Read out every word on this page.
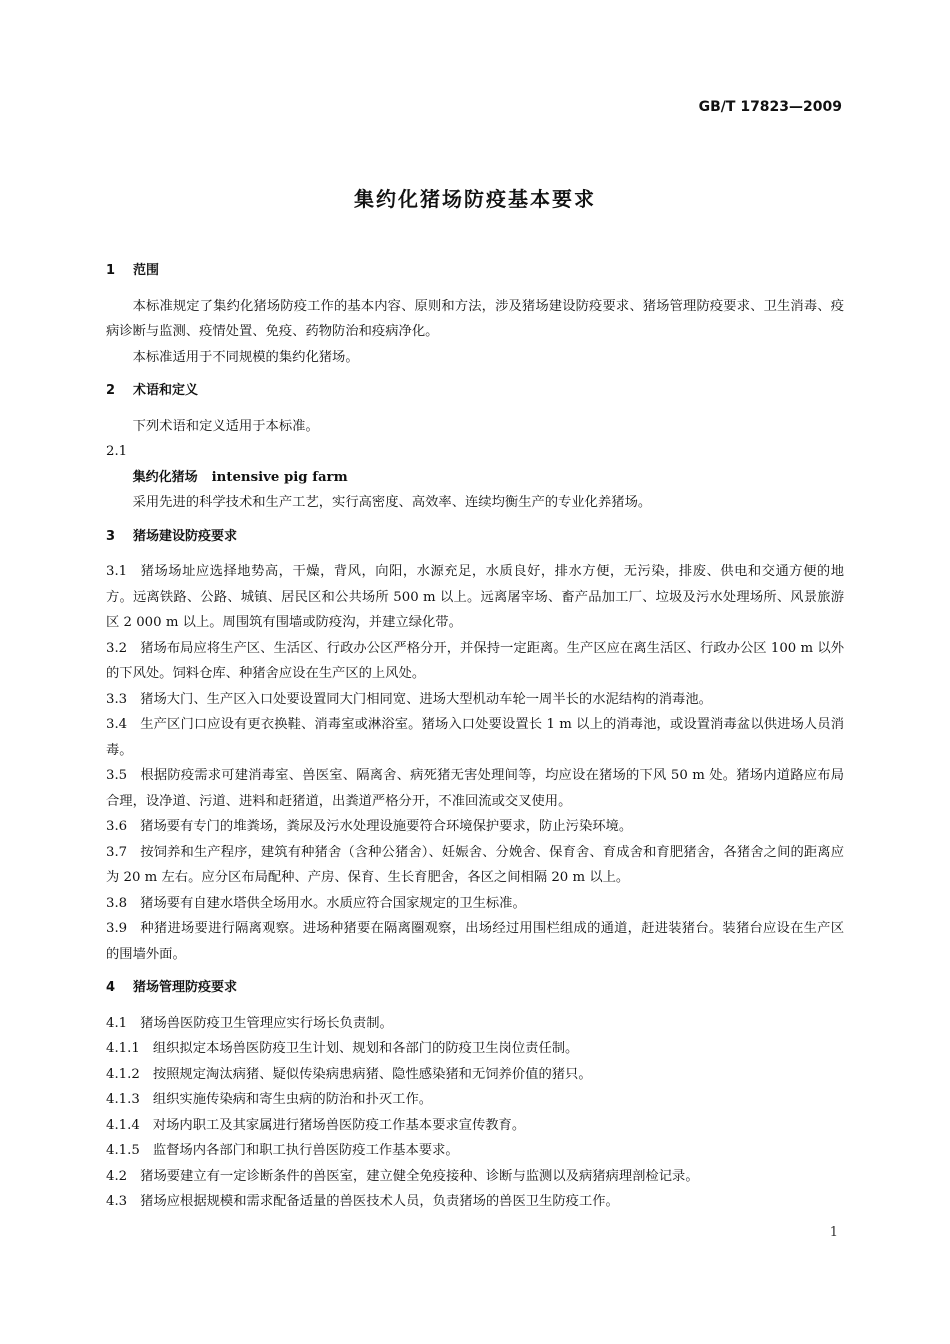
GB/T 17823—2009
集约化猪场防疫基本要求
1 范围

本标准规定了集约化猪场防疫工作的基本内容、原则和方法，涉及猪场建设防疫要求、猪场管理防疫要求、卫生消毒、疫病诊断与监测、疫情处置、免疫、药物防治和疫病净化。

本标准适用于不同规模的集约化猪场。

2 术语和定义

下列术语和定义适用于本标准。

2.1

集约化猪场 intensive pig farm

采用先进的科学技术和生产工艺，实行高密度、高效率、连续均衡生产的专业化养猪场。

3 猪场建设防疫要求

3.1 猪场场址应选择地势高，干燥，背风，向阳，水源充足，水质良好，排水方便，无污染，排废、供电和交通方便的地方。远离铁路、公路、城镇、居民区和公共场所 500 m 以上。远离屠宰场、畜产品加工厂、垃圾及污水处理场所、风景旅游区 2 000 m 以上。周围筑有围墙或防疫沟，并建立绿化带。

3.2 猪场布局应将生产区、生活区、行政办公区严格分开，并保持一定距离。生产区应在离生活区、行政办公区 100 m 以外的下风处。饲料仓库、种猪舍应设在生产区的上风处。

3.3 猪场大门、生产区入口处要设置同大门相同宽、进场大型机动车轮一周半长的水泥结构的消毒池。

3.4 生产区门口应设有更衣换鞋、消毒室或淋浴室。猪场入口处要设置长 1 m 以上的消毒池，或设置消毒盆以供进场人员消毒。

3.5 根据防疫需求可建消毒室、兽医室、隔离舍、病死猪无害处理间等，均应设在猪场的下风 50 m 处。猪场内道路应布局合理，设净道、污道、进料和赶猪道，出粪道严格分开，不准回流或交叉使用。

3.6 猪场要有专门的堆粪场，粪尿及污水处理设施要符合环境保护要求，防止污染环境。

3.7 按饲养和生产程序，建筑有种猪舍（含种公猪舍）、妊娠舍、分娩舍、保育舍、育成舍和育肥猪舍，各猪舍之间的距离应为 20 m 左右。应分区布局配种、产房、保育、生长育肥舍，各区之间相隔 20 m 以上。

3.8 猪场要有自建水塔供全场用水。水质应符合国家规定的卫生标准。

3.9 种猪进场要进行隔离观察。进场种猪要在隔离圈观察，出场经过用围栏组成的通道，赶进装猪台。装猪台应设在生产区的围墙外面。

4 猪场管理防疫要求

4.1 猪场兽医防疫卫生管理应实行场长负责制。

4.1.1 组织拟定本场兽医防疫卫生计划、规划和各部门的防疫卫生岗位责任制。

4.1.2 按照规定淘汰病猪、疑似传染病患病猪、隐性感染猪和无饲养价值的猪只。

4.1.3 组织实施传染病和寄生虫病的防治和扑灭工作。

4.1.4 对场内职工及其家属进行猪场兽医防疫工作基本要求宣传教育。

4.1.5 监督场内各部门和职工执行兽医防疫工作基本要求。

4.2 猪场要建立有一定诊断条件的兽医室，建立健全免疫接种、诊断与监测以及病猪病理剖检记录。

4.3 猪场应根据规模和需求配备适量的兽医技术人员，负责猪场的兽医卫生防疫工作。

1
